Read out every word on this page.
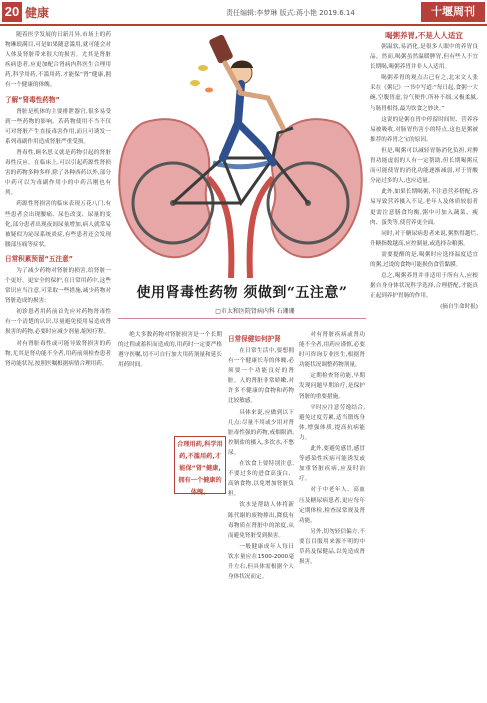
20 健康	责任编辑:李梦琳 版式:蒋小艳 2019.6.14	十堰周刊

随着医学发展的日新月异,市场上的药物琳琅满目,可是如果随意滥用,就可能会对人体及肾脏带来很大的损害。尤其是肾脏疾病患者,应更加配合肾病内科医生合理用药,科学用药,不滥用药,才能保“肾”健康,拥有一个健康的体魄。

了解“肾毒性药物”

肾脏是机体的主要排泄器官,很多易受到一些药物的影响。若药物使用不当不仅可对肾脏产生直接毒害作用,而且可诱发一系列毒副作用造成肾脏严重受损。

肾毒性,顾名思义就是药物引起的肾脏毒性反应。在临床上,可以引起药源性肾损害的药物多种多样,除了各种西药以外,部分中药可以为毒副作用小的中药吕刚也有列。

药源性肾损害的临床表现五花八门,有些患者会出现腰痛、尿色改变、尿量的变化,部分患者出现夜间尿量增加,病人就常易被疑似为泌尿系统炎症,有些患者还会发现腰部压痛等症状。

日常积累预留“五注意”

为了减少药物对肾脏的损害,给肾脏一个更好、更安全的保护,在日常用药中,这些常识应当注意,可采取一些措施,减少药物对肾脏造成的损害:

初诊患者用药前首先应对药物肾毒性有一个清楚的认识,尽量避免使用易造成肾损害的药物,必要时应减少剂量,缩短疗程。

对有肾脏毒性或可能导致肾损害的药物,尤其是肾功能不全者,用药前须检查患者肾功能状况,按照医嘱根据病情合理用药。

使用肾毒性药物 须做到“五注意”
□市太和医院肾病内科 石珊珊

绝大多数药物对肾脏损害是一个长期的过程或蓄积而造成的,用药时一定要严格遵守医嘱,切不可自行加大用药剂量和延长用药时间。

合理用药,科学用药,不滥用药,才能保“肾”健康,拥有一个健康的体魄。
日常保健如何护肾

在日常生活中,要想拥有一个健康长寿的体魄,必须要一个功能良好的肾脏。人的肾脏非常娇嫩,对许多不健康的食物和药物比较敏感。

具体来说,应做到以下几点:尽量不用或少用对肾脏毒性强的药物,戒烟限酒,控制盐的摄入,多饮水,不憋尿。

在饮食上要特别注意,不要过多的进食高蛋白、高钠食物,以免增加肾脏负担。

饮水是帮助人体将新陈代谢的废物排出,降低有毒物质在肾脏中的浓度,从而避免肾脏受到损害。

一般健康成年人每日饮水量应在1500-2000毫升左右,但具体需根据个人身体状况而定。

对有肾脏疾病或肾功能不全者,用药应谨慎,必要时可咨询专业医生,根据肾功能状况调整药物剂量。

定期检查肾功能,早期发现问题早期治疗,是保护肾脏的重要措施。

平时应注意劳逸结合,避免过度劳累,适当锻炼身体,增强体质,提高抗病能力。

此外,要避免感冒,感冒等感染性疾病可能诱发或加重肾脏疾病,应及时治疗。

对于中老年人、高血压及糖尿病患者,更应每年定期体检,检查尿常规及肾功能。

另外,切勿轻信偏方,不要盲目服用来源不明的中草药及保健品,以免造成肾损害。

喝粥养胃,不是人人适宜

粥温软,易消化,是很多人眼中的养胃良品。然而,喝粥虽然温暖脾胃,但有些人不宜长期喝,喝粥养胃并非人人适用。

喝粥养胃的观点古已有之,北宋文人张耒在《粥记》一书中写道:“每日起,食粥一大碗,空腹胃虚,谷气便作,所补不细,又极柔腻,与肠胃相得,最为饮食之妙诀。”

这说的是粥在胃中停留时间短、营养容易被吸收,对肠胃伤害小的特点,这也是粥被推荐的养胃之宝的原因。

但是,喝粥可以减轻胃肠消化负担,对脾胃功能虚弱的人有一定帮助,但长期喝粥反而可能使胃的消化功能逐渐减弱,对于胃酸分泌过多的人,也应适量。

此外,如果长期喝粥,不注意营养搭配,容易导致营养摄入不足,老年人及体质较弱者更需注意膳食均衡,粥中可加入蔬菜、瘦肉、蛋类等,使营养更全面。

同时,对于糖尿病患者来说,粥熬得越烂,升糖指数越高,应控制量,或选择杂粮粥。

需要提醒的是,喝粥时应选择温度适宜的粥,过烫的食物可能损伤食管黏膜。

总之,喝粥养胃并非适用于所有人,应根据自身身体状况科学选择,合理搭配,才能真正起到养护胃肠的作用。

(摘自生命时报)
